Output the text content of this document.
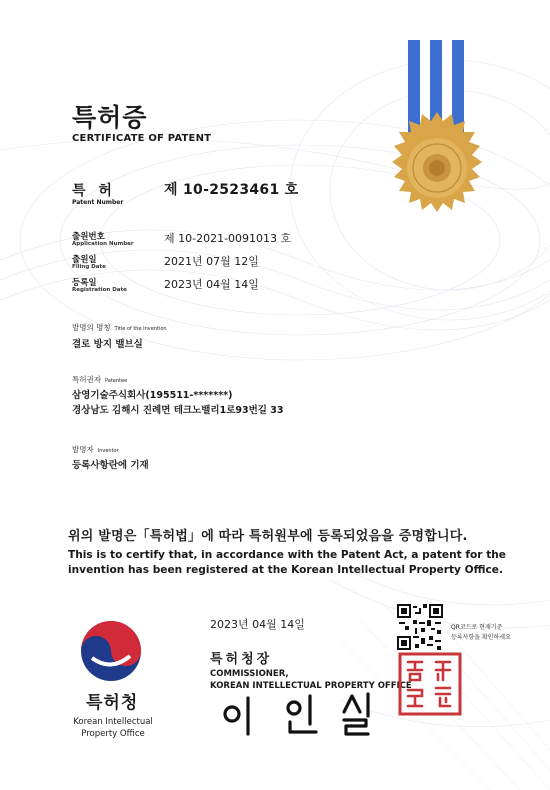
특허증
CERTIFICATE OF PATENT
특 허
Patent Number
제 10-2523461 호
출원번호
Application Number	제 10-2021-0091013 호
출원일
Filing Date	2021년 07월 12일
등록일
Registration Date	2023년 04월 14일
발명의 명칭 Title of the Invention
결로 방지 밸브실
특허권자 Patentee
삼영기술주식회사(195511-*******)
경상남도 김해시 진례면 테크노밸리1로93번길 33
발명자 Inventor
등록사항란에 기재
위의 발명은「특허법」에 따라 특허원부에 등록되었음을 증명합니다.
This is to certify that, in accordance with the Patent Act, a patent for the
invention has been registered at the Korean Intellectual Property Office.
2023년 04월 14일
특허청장
COMMISSIONER,
KOREAN INTELLECTUAL PROPERTY OFFICE
QR코드로 현재기준
등록사항을 확인하세요
특허청
Korean Intellectual
Property Office
